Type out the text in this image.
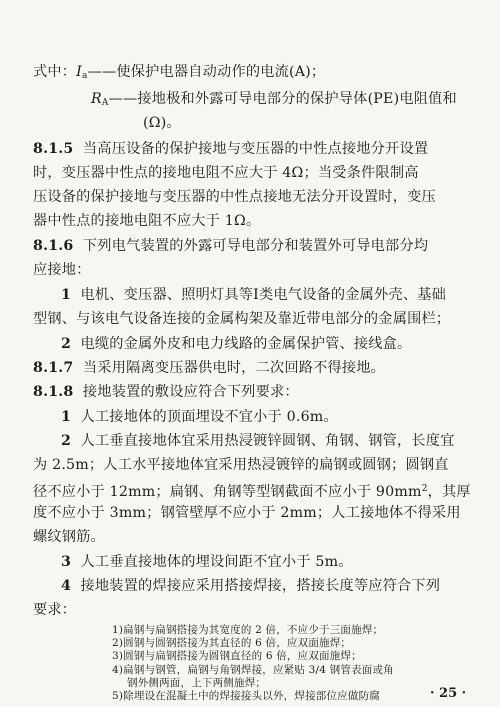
式中：$I_a——$使保护电器自动动作的电流(A)；
$R_A——$接地极和外露可导电部分的保护导体(PE)电阻值和
(Ω)。
8.1.5 当高压设备的保护接地与变压器的中性点接地分开设置
时，变压器中性点的接地电阻不应大于 4Ω；当受条件限制高
压设备的保护接地与变压器的中性点接地无法分开设置时，变压
器中性点的接地电阻不应大于 1Ω。
8.1.6 下列电气装置的外露可导电部分和装置外可导电部分均
应接地：
1 电机、变压器、照明灯具等Ⅰ类电气设备的金属外壳、基础
型钢、与该电气设备连接的金属构架及靠近带电部分的金属围栏；
2 电缆的金属外皮和电力线路的金属保护管、接线盒。
8.1.7 当采用隔离变压器供电时，二次回路不得接地。
8.1.8 接地装置的敷设应符合下列要求：
1 人工接地体的顶面埋设不宜小于 0.6m。
2 人工垂直接地体宜采用热浸镀锌圆钢、角钢、钢管，长度宜
为 2.5m；人工水平接地体宜采用热浸镀锌的扁钢或圆钢；圆钢直
径不应小于 12mm；扁钢、角钢等型钢截面不应小于 $90mm^2$，其厚
度不应小于 3mm；钢管壁厚不应小于 2mm；人工接地体不得采用
螺纹钢筋。
3 人工垂直接地体的埋设间距不宜小于 5m。
4 接地装置的焊接应采用搭接焊接，搭接长度等应符合下列
要求：
1)扁钢与扁钢搭接为其宽度的 2 倍，不应少于三面施焊；
2)圆钢与圆钢搭接为其直径的 6 倍，应双面施焊；
3)圆钢与扁钢搭接为圆钢直径的 6 倍，应双面施焊；
4)扁钢与钢管，扁钢与角钢焊接，应紧贴 3/4 钢管表面或角
钢外侧两面，上下两侧施焊；
5)除埋设在混凝土中的焊接接头以外，焊接部位应做防腐	· 25 ·
